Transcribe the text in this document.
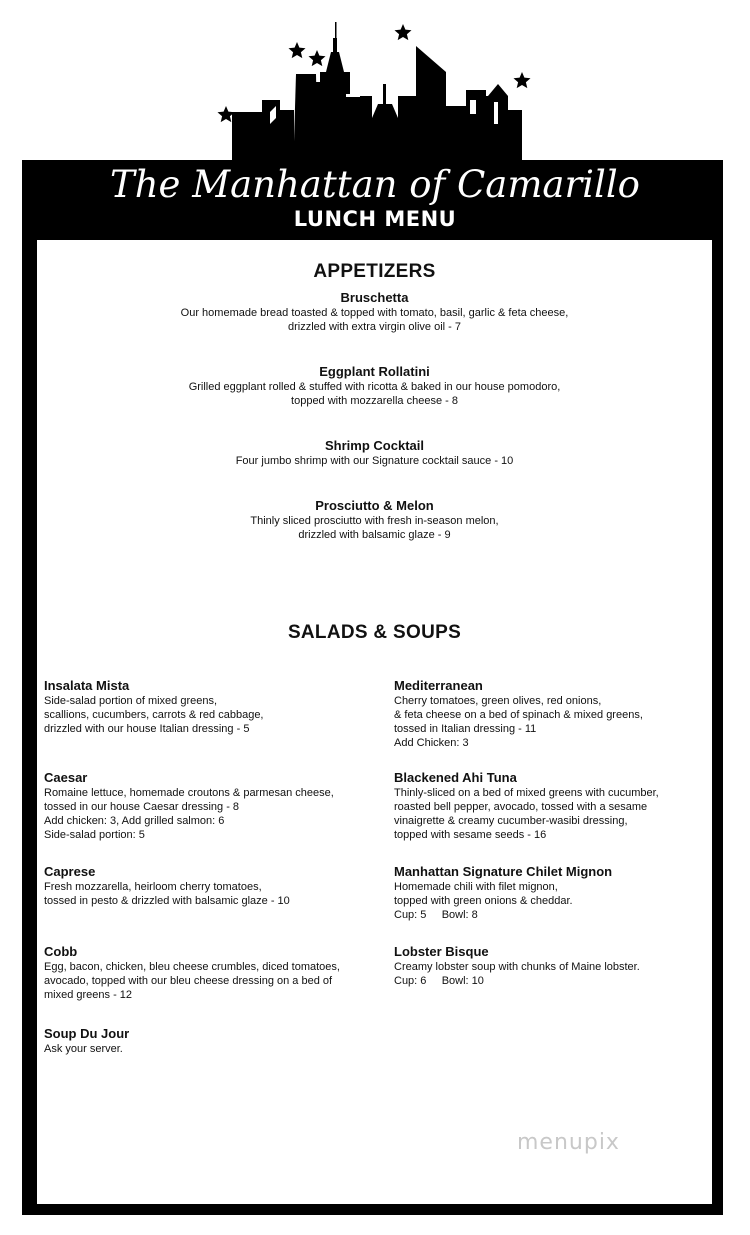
The Manhattan of Camarillo
LUNCH MENU
APPETIZERS
Bruschetta
Our homemade bread toasted & topped with tomato, basil, garlic & feta cheese,
drizzled with extra virgin olive oil - 7
Eggplant Rollatini
Grilled eggplant rolled & stuffed with ricotta & baked in our house pomodoro,
topped with mozzarella cheese - 8
Shrimp Cocktail
Four jumbo shrimp with our Signature cocktail sauce - 10
Prosciutto & Melon
Thinly sliced prosciutto with fresh in-season melon,
drizzled with balsamic glaze - 9
SALADS & SOUPS
Insalata Mista
Side-salad portion of mixed greens,
scallions, cucumbers, carrots & red cabbage,
drizzled with our house Italian dressing - 5
Caesar
Romaine lettuce, homemade croutons & parmesan cheese,
tossed in our house Caesar dressing - 8
Add chicken: 3, Add grilled salmon: 6
Side-salad portion: 5
Caprese
Fresh mozzarella, heirloom cherry tomatoes,
tossed in pesto & drizzled with balsamic glaze - 10
Cobb
Egg, bacon, chicken, bleu cheese crumbles, diced tomatoes,
avocado, topped with our bleu cheese dressing on a bed of
mixed greens - 12
Soup Du Jour
Ask your server.
Mediterranean
Cherry tomatoes, green olives, red onions,
& feta cheese on a bed of spinach & mixed greens,
tossed in Italian dressing - 11
Add Chicken: 3
Blackened Ahi Tuna
Thinly-sliced on a bed of mixed greens with cucumber,
roasted bell pepper, avocado, tossed with a sesame
vinaigrette & creamy cucumber-wasibi dressing,
topped with sesame seeds - 16
Manhattan Signature Chilet Mignon
Homemade chili with filet mignon,
topped with green onions & cheddar.
Cup: 5     Bowl: 8
Lobster Bisque
Creamy lobster soup with chunks of Maine lobster.
Cup: 6     Bowl: 10
menupix
